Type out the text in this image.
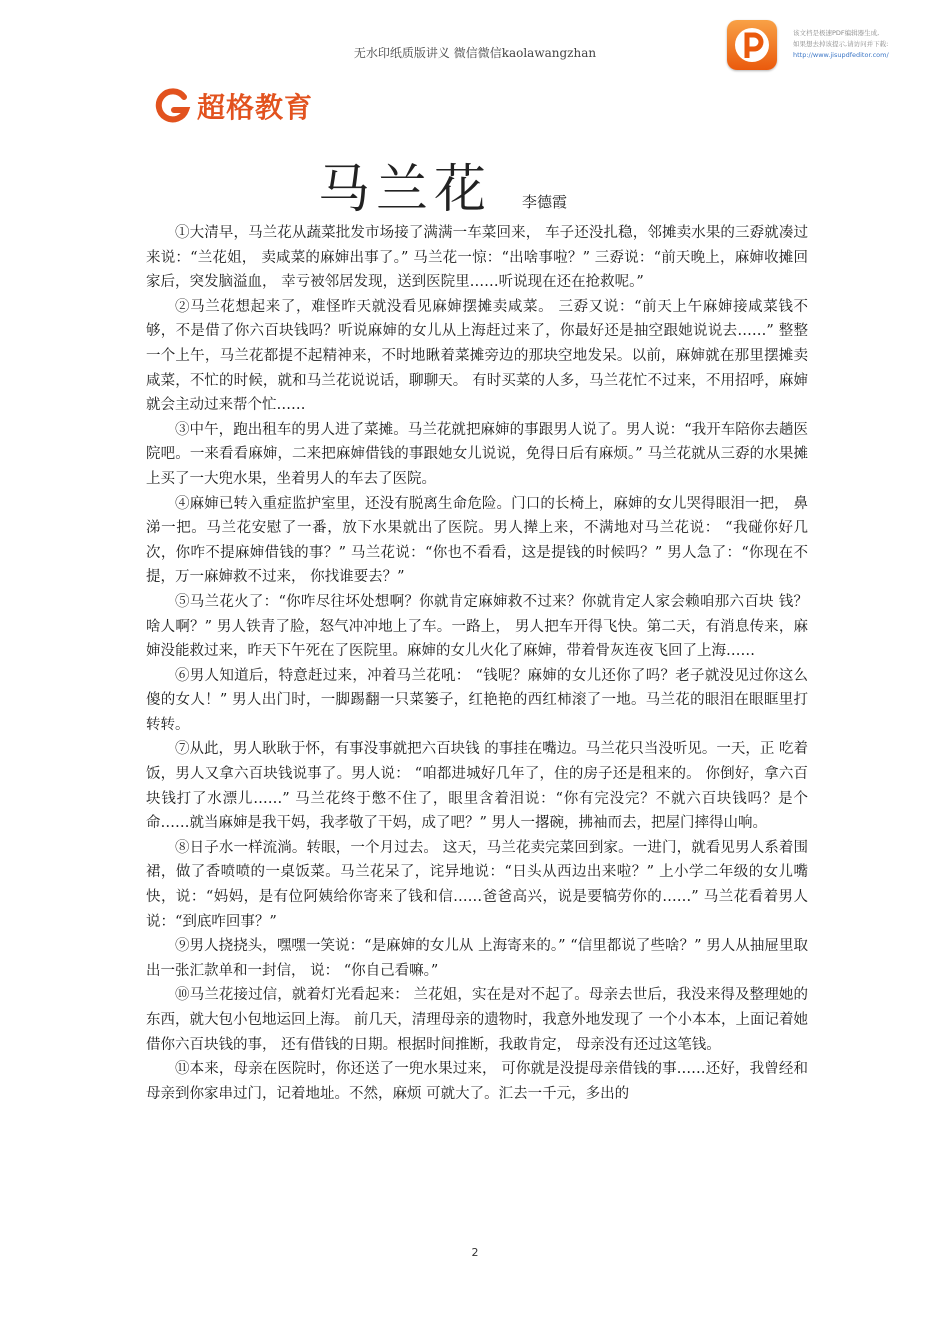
无水印纸质版讲义 微信微信kaolawangzhan
该文档是极速PDF编辑器生成,
如果想去掉该提示,请访问并下载:
http://www.jisupdfeditor.com/
超格教育
马兰花 李德霞

①大清早，马兰花从蔬菜批发市场接了满满一车菜回来， 车子还没扎稳，邻摊卖水果的三孬就凑过来说：“兰花姐， 卖咸菜的麻婶出事了。” 马兰花一惊：“出啥事啦？” 三孬说：“前天晚上，麻婶收摊回家后，突发脑溢血， 幸亏被邻居发现，送到医院里……听说现在还在抢救呢。”

②马兰花想起来了，难怪昨天就没看见麻婶摆摊卖咸菜。 三孬又说：“前天上午麻婶接咸菜钱不够，不是借了你六百块钱吗？听说麻婶的女儿从上海赶过来了，你最好还是抽空跟她说说去……” 整整一个上午，马兰花都提不起精神来，不时地瞅着菜摊旁边的那块空地发呆。以前，麻婶就在那里摆摊卖咸菜，不忙的时候，就和马兰花说说话，聊聊天。 有时买菜的人多，马兰花忙不过来，不用招呼，麻婶就会主动过来帮个忙……

③中午，跑出租车的男人进了菜摊。马兰花就把麻婶的事跟男人说了。男人说：“我开车陪你去趟医院吧。一来看看麻婶，二来把麻婶借钱的事跟她女儿说说，免得日后有麻烦。” 马兰花就从三孬的水果摊上买了一大兜水果，坐着男人的车去了医院。

④麻婶已转入重症监护室里，还没有脱离生命危险。门口的长椅上，麻婶的女儿哭得眼泪一把， 鼻涕一把。马兰花安慰了一番，放下水果就出了医院。男人撵上来，不满地对马兰花说： “我碰你好几次，你咋不提麻婶借钱的事？” 马兰花说：“你也不看看，这是提钱的时候吗？” 男人急了：“你现在不提，万一麻婶救不过来， 你找谁要去？”

⑤马兰花火了：“你咋尽往坏处想啊？你就肯定麻婶救不过来？你就肯定人家会赖咱那六百块 钱？啥人啊？” 男人铁青了脸，怒气冲冲地上了车。一路上， 男人把车开得飞快。第二天，有消息传来，麻婶没能救过来，昨天下午死在了医院里。麻婶的女儿火化了麻婶，带着骨灰连夜飞回了上海……

⑥男人知道后，特意赶过来，冲着马兰花吼： “钱呢？麻婶的女儿还你了吗？老子就没见过你这么傻的女人！” 男人出门时，一脚踢翻一只菜篓子，红艳艳的西红柿滚了一地。马兰花的眼泪在眼眶里打转转。

⑦从此，男人耿耿于怀，有事没事就把六百块钱 的事挂在嘴边。马兰花只当没听见。一天，正 吃着饭，男人又拿六百块钱说事了。男人说： “咱都进城好几年了，住的房子还是租来的。 你倒好，拿六百块钱打了水漂儿……” 马兰花终于憋不住了，眼里含着泪说：“你有完没完？不就六百块钱吗？是个命……就当麻婶是我干妈，我孝敬了干妈，成了吧？” 男人一撂碗，拂袖而去，把屋门摔得山响。

⑧日子水一样流淌。转眼，一个月过去。 这天，马兰花卖完菜回到家。一进门，就看见男人系着围裙，做了香喷喷的一桌饭菜。马兰花呆了，诧异地说：“日头从西边出来啦？” 上小学二年级的女儿嘴快，说：“妈妈，是有位阿姨给你寄来了钱和信……爸爸高兴，说是要犒劳你的……” 马兰花看着男人说：“到底咋回事？”

⑨男人挠挠头，嘿嘿一笑说：“是麻婶的女儿从 上海寄来的。” “信里都说了些啥？” 男人从抽屉里取出一张汇款单和一封信， 说： “你自己看嘛。”

⑩马兰花接过信，就着灯光看起来： 兰花姐，实在是对不起了。母亲去世后，我没来得及整理她的东西，就大包小包地运回上海。 前几天，清理母亲的遗物时，我意外地发现了 一个小本本，上面记着她借你六百块钱的事， 还有借钱的日期。根据时间推断，我敢肯定， 母亲没有还过这笔钱。

⑪本来，母亲在医院时，你还送了一兜水果过来， 可你就是没提母亲借钱的事……还好，我曾经和母亲到你家串过门，记着地址。不然，麻烦 可就大了。汇去一千元，多出的

2
